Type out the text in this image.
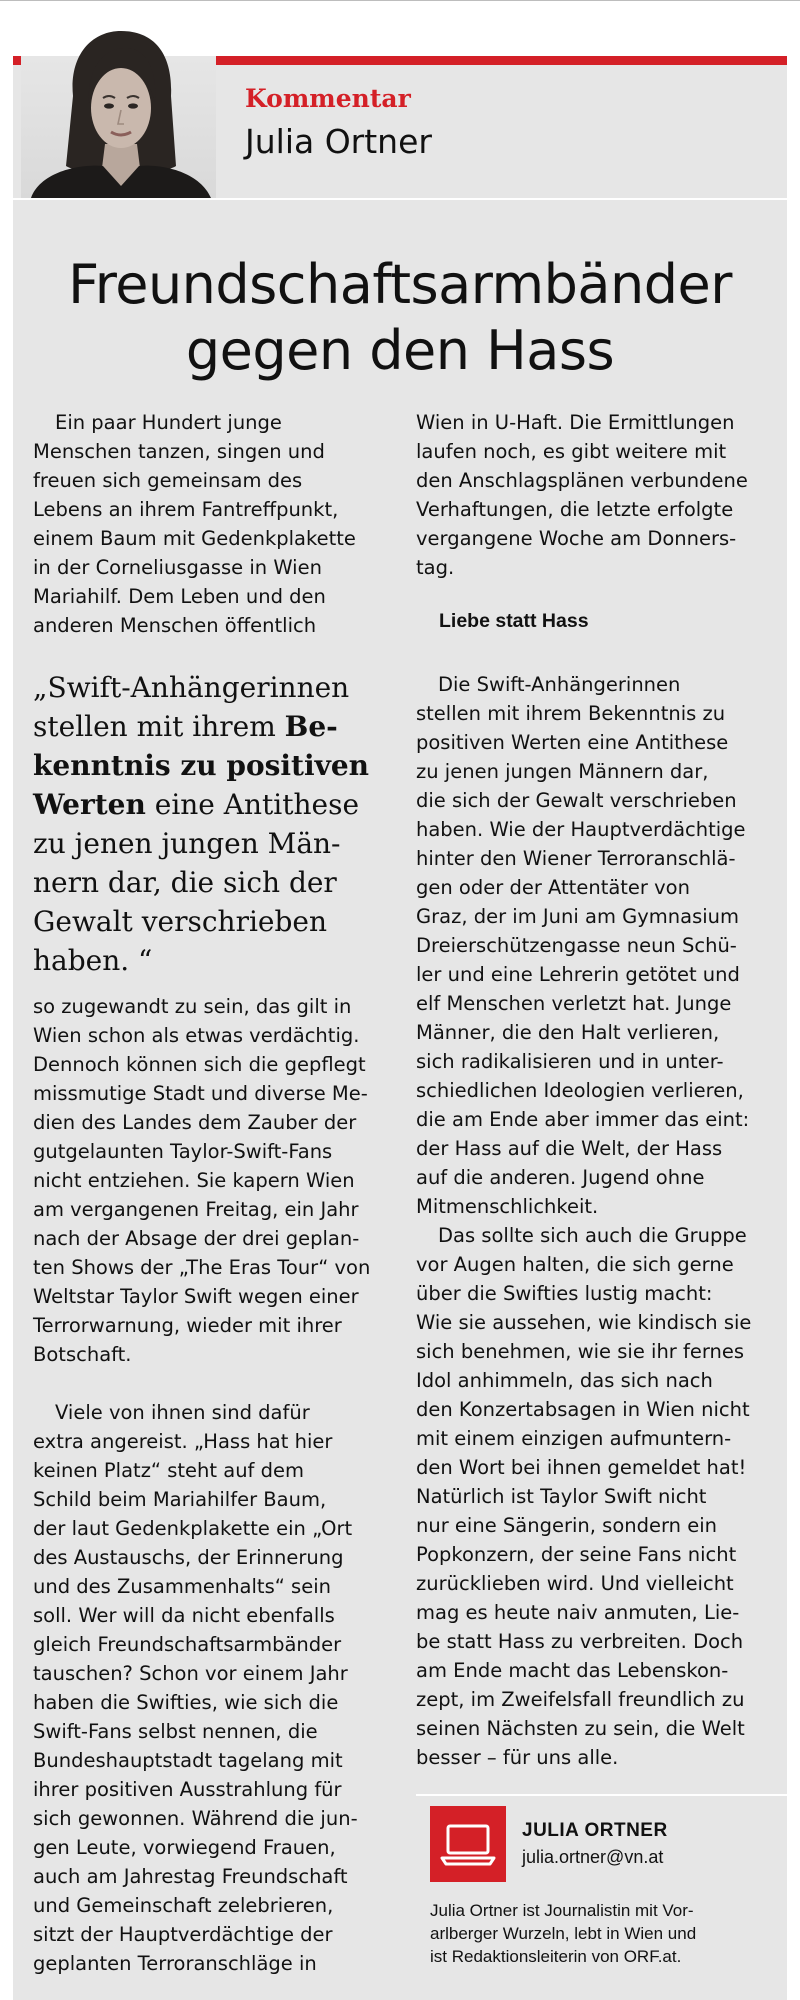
Kommentar
Julia Ortner
Freundschaftsarmbänder
gegen den Hass
Ein paar Hundert junge
Menschen tanzen, singen und
freuen sich gemeinsam des
Lebens an ihrem Fantreffpunkt,
einem Baum mit Gedenkplakette
in der Corneliusgasse in Wien
Mariahilf. Dem Leben und den
anderen Menschen öffentlich
„Swift-Anhängerinnen
stellen mit ihrem Be-
kenntnis zu positiven
Werten eine Antithese
zu jenen jungen Män-
nern dar, die sich der
Gewalt verschrieben
haben. “
so zugewandt zu sein, das gilt in
Wien schon als etwas verdächtig.
Dennoch können sich die gepflegt
missmutige Stadt und diverse Me-
dien des Landes dem Zauber der
gutgelaunten Taylor-Swift-Fans
nicht entziehen. Sie kapern Wien
am vergangenen Freitag, ein Jahr
nach der Absage der drei geplan-
ten Shows der „The Eras Tour“ von
Weltstar Taylor Swift wegen einer
Terrorwarnung, wieder mit ihrer
Botschaft.
Viele von ihnen sind dafür
extra angereist. „Hass hat hier
keinen Platz“ steht auf dem
Schild beim Mariahilfer Baum,
der laut Gedenkplakette ein „Ort
des Austauschs, der Erinnerung
und des Zusammenhalts“ sein
soll. Wer will da nicht ebenfalls
gleich Freundschaftsarmbänder
tauschen? Schon vor einem Jahr
haben die Swifties, wie sich die
Swift-Fans selbst nennen, die
Bundeshauptstadt tagelang mit
ihrer positiven Ausstrahlung für
sich gewonnen. Während die jun-
gen Leute, vorwiegend Frauen,
auch am Jahrestag Freundschaft
und Gemeinschaft zelebrieren,
sitzt der Hauptverdächtige der
geplanten Terroranschläge in
Wien in U-Haft. Die Ermittlungen
laufen noch, es gibt weitere mit
den Anschlagsplänen verbundene
Verhaftungen, die letzte erfolgte
vergangene Woche am Donners-
tag.
Liebe statt Hass
Die Swift-Anhängerinnen
stellen mit ihrem Bekenntnis zu
positiven Werten eine Antithese
zu jenen jungen Männern dar,
die sich der Gewalt verschrieben
haben. Wie der Hauptverdächtige
hinter den Wiener Terroranschlä-
gen oder der Attentäter von
Graz, der im Juni am Gymnasium
Dreierschützengasse neun Schü-
ler und eine Lehrerin getötet und
elf Menschen verletzt hat. Junge
Männer, die den Halt verlieren,
sich radikalisieren und in unter-
schiedlichen Ideologien verlieren,
die am Ende aber immer das eint:
der Hass auf die Welt, der Hass
auf die anderen. Jugend ohne
Mitmenschlichkeit.
Das sollte sich auch die Gruppe
vor Augen halten, die sich gerne
über die Swifties lustig macht:
Wie sie aussehen, wie kindisch sie
sich benehmen, wie sie ihr fernes
Idol anhimmeln, das sich nach
den Konzertabsagen in Wien nicht
mit einem einzigen aufmuntern-
den Wort bei ihnen gemeldet hat!
Natürlich ist Taylor Swift nicht
nur eine Sängerin, sondern ein
Popkonzern, der seine Fans nicht
zurücklieben wird. Und vielleicht
mag es heute naiv anmuten, Lie-
be statt Hass zu verbreiten. Doch
am Ende macht das Lebenskon-
zept, im Zweifelsfall freundlich zu
seinen Nächsten zu sein, die Welt
besser – für uns alle.
JULIA ORTNER
julia.ortner@vn.at
Julia Ortner ist Journalistin mit Vor-
arlberger Wurzeln, lebt in Wien und
ist Redaktionsleiterin von ORF.at.
